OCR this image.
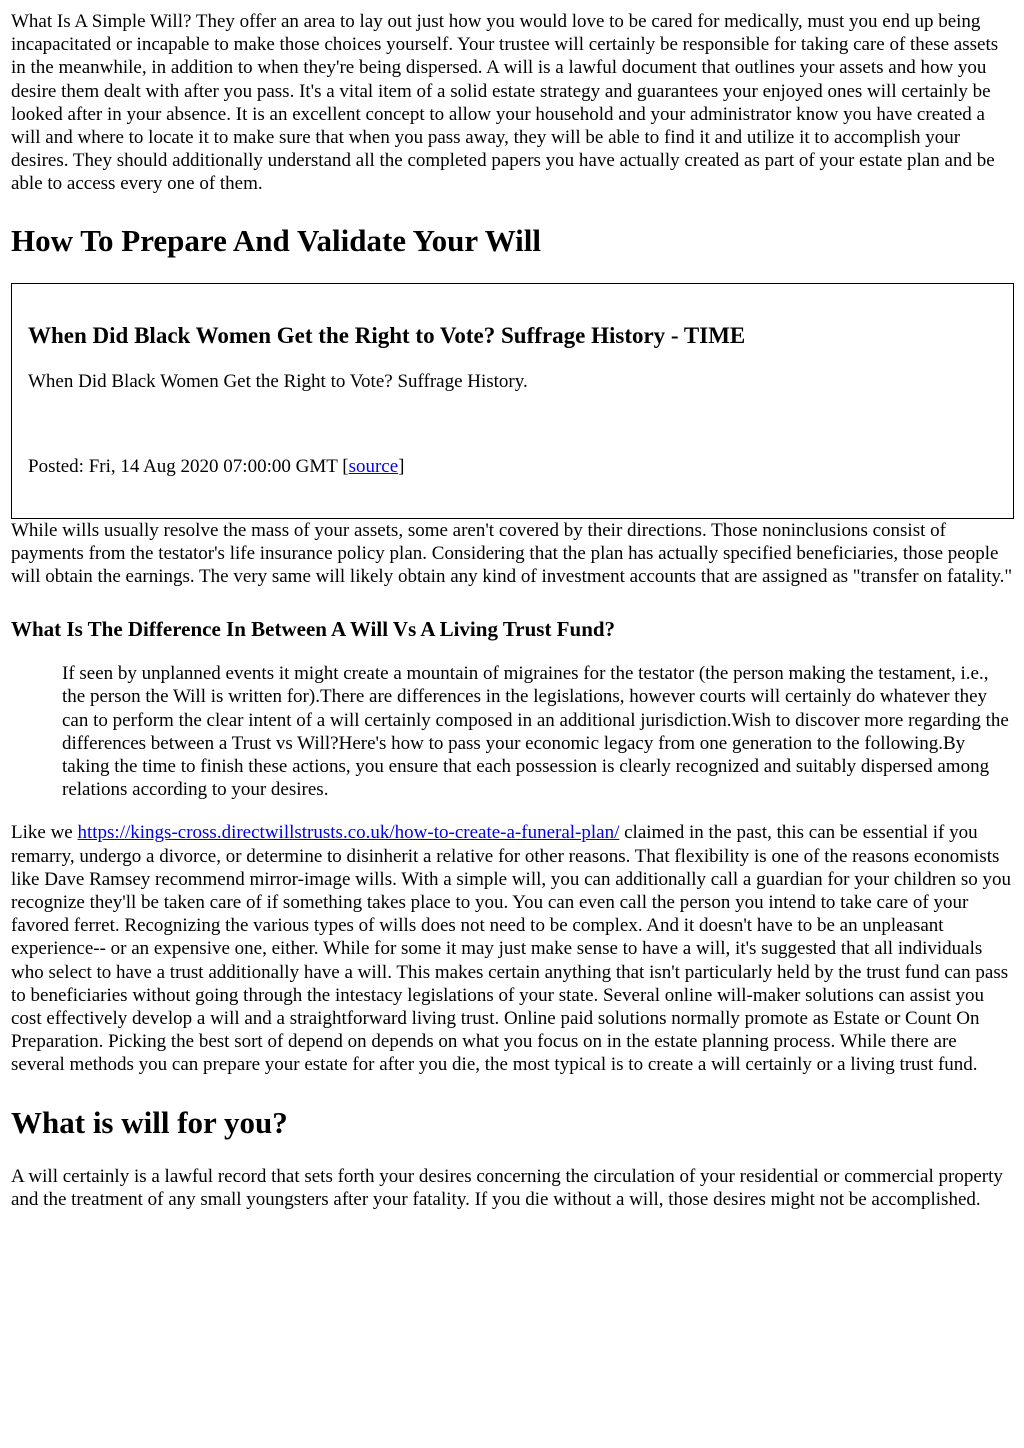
What Is A Simple Will? They offer an area to lay out just how you would love to be cared for medically, must you end up being incapacitated or incapable to make those choices yourself. Your trustee will certainly be responsible for taking care of these assets in the meanwhile, in addition to when they're being dispersed. A will is a lawful document that outlines your assets and how you desire them dealt with after you pass. It's a vital item of a solid estate strategy and guarantees your enjoyed ones will certainly be looked after in your absence. It is an excellent concept to allow your household and your administrator know you have created a will and where to locate it to make sure that when you pass away, they will be able to find it and utilize it to accomplish your desires. They should additionally understand all the completed papers you have actually created as part of your estate plan and be able to access every one of them.

How To Prepare And Validate Your Will
When Did Black Women Get the Right to Vote? Suffrage History - TIME

When Did Black Women Get the Right to Vote? Suffrage History.

Posted: Fri, 14 Aug 2020 07:00:00 GMT [source]

While wills usually resolve the mass of your assets, some aren't covered by their directions. Those noninclusions consist of payments from the testator's life insurance policy plan. Considering that the plan has actually specified beneficiaries, those people will obtain the earnings. The very same will likely obtain any kind of investment accounts that are assigned as "transfer on fatality."

What Is The Difference In Between A Will Vs A Living Trust Fund?
If seen by unplanned events it might create a mountain of migraines for the testator (the person making the testament, i.e., the person the Will is written for).There are differences in the legislations, however courts will certainly do whatever they can to perform the clear intent of a will certainly composed in an additional jurisdiction.Wish to discover more regarding the differences between a Trust vs Will?Here's how to pass your economic legacy from one generation to the following.By taking the time to finish these actions, you ensure that each possession is clearly recognized and suitably dispersed among relations according to your desires.

Like we https://kings-cross.directwillstrusts.co.uk/how-to-create-a-funeral-plan/ claimed in the past, this can be essential if you remarry, undergo a divorce, or determine to disinherit a relative for other reasons. That flexibility is one of the reasons economists like Dave Ramsey recommend mirror-image wills. With a simple will, you can additionally call a guardian for your children so you recognize they'll be taken care of if something takes place to you. You can even call the person you intend to take care of your favored ferret. Recognizing the various types of wills does not need to be complex. And it doesn't have to be an unpleasant experience-- or an expensive one, either. While for some it may just make sense to have a will, it's suggested that all individuals who select to have a trust additionally have a will. This makes certain anything that isn't particularly held by the trust fund can pass to beneficiaries without going through the intestacy legislations of your state. Several online will-maker solutions can assist you cost effectively develop a will and a straightforward living trust. Online paid solutions normally promote as Estate or Count On Preparation. Picking the best sort of depend on depends on what you focus on in the estate planning process. While there are several methods you can prepare your estate for after you die, the most typical is to create a will certainly or a living trust fund.

What is will for you?

A will certainly is a lawful record that sets forth your desires concerning the circulation of your residential or commercial property and the treatment of any small youngsters after your fatality. If you die without a will, those desires might not be accomplished.
